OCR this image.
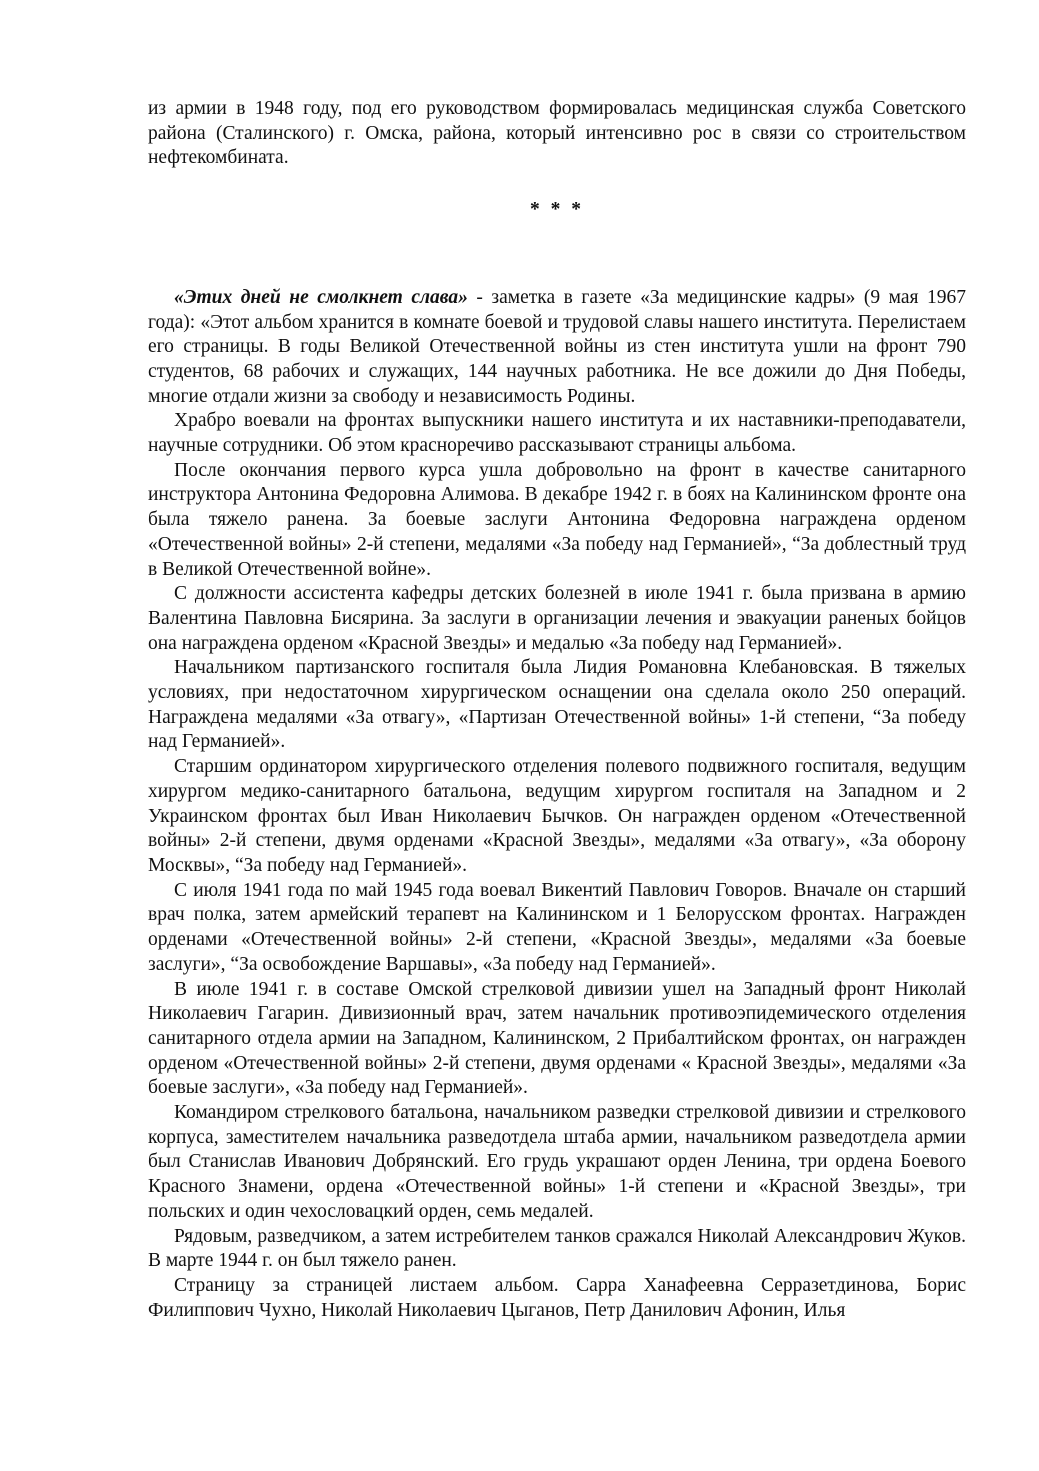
из армии в 1948 году, под его руководством формировалась медицинская служба Советского района (Сталинского) г. Омска, района, который интенсивно рос в связи со строительством нефтекомбината.

* * *

«Этих дней не смолкнет слава» - заметка в газете «За медицинские кадры» (9 мая 1967 года): «Этот альбом хранится в комнате боевой и трудовой славы нашего института. Перелистаем его страницы. В годы Великой Отечественной войны из стен института ушли на фронт 790 студентов, 68 рабочих и служащих, 144 научных работника. Не все дожили до Дня Победы, многие отдали жизни за свободу и независимость Родины.

Храбро воевали на фронтах выпускники нашего института и их наставники-преподаватели, научные сотрудники. Об этом красноречиво рассказывают страницы альбома.

После окончания первого курса ушла добровольно на фронт в качестве санитарного инструктора Антонина Федоровна Алимова. В декабре 1942 г. в боях на Калининском фронте она была тяжело ранена. За боевые заслуги Антонина Федоровна награждена орденом «Отечественной войны» 2-й степени, медалями «За победу над Германией», “За доблестный труд в Великой Отечественной войне».

С должности ассистента кафедры детских болезней в июле 1941 г. была призвана в армию Валентина Павловна Бисярина. За заслуги в организации лечения и эвакуации раненых бойцов она награждена орденом «Красной Звезды» и медалью «За победу над Германией».

Начальником партизанского госпиталя была Лидия Романовна Клебановская. В тяжелых условиях, при недостаточном хирургическом оснащении она сделала около 250 операций. Награждена медалями «За отвагу», «Партизан Отечественной войны» 1-й степени, “За победу над Германией».

Старшим ординатором хирургического отделения полевого подвижного госпиталя, ведущим хирургом медико-санитарного батальона, ведущим хирургом госпиталя на Западном и 2 Украинском фронтах был Иван Николаевич Бычков. Он награжден орденом «Отечественной войны» 2-й степени, двумя орденами «Красной Звезды», медалями «За отвагу», «За оборону Москвы», “За победу над Германией».

С июля 1941 года по май 1945 года воевал Викентий Павлович Говоров. Вначале он старший врач полка, затем армейский терапевт на Калининском и 1 Белорусском фронтах. Награжден орденами «Отечественной войны» 2-й степени, «Красной Звезды», медалями «За боевые заслуги», “За освобождение Варшавы», «За победу над Германией».

В июле 1941 г. в составе Омской стрелковой дивизии ушел на Западный фронт Николай Николаевич Гагарин. Дивизионный врач, затем начальник противоэпидемического отделения санитарного отдела армии на Западном, Калининском, 2 Прибалтийском фронтах, он награжден орденом «Отечественной войны» 2-й степени, двумя орденами « Красной Звезды», медалями «За боевые заслуги», «За победу над Германией».

Командиром стрелкового батальона, начальником разведки стрелковой дивизии и стрелкового корпуса, заместителем начальника разведотдела штаба армии, начальником разведотдела армии был Станислав Иванович Добрянский. Его грудь украшают орден Ленина, три ордена Боевого Красного Знамени, ордена «Отечественной войны» 1-й степени и «Красной Звезды», три польских и один чехословацкий орден, семь медалей.

Рядовым, разведчиком, а затем истребителем танков сражался Николай Александрович Жуков. В марте 1944 г. он был тяжело ранен.

Страницу за страницей листаем альбом. Сарра Ханафеевна Серразетдинова, Борис Филиппович Чухно, Николай Николаевич Цыганов, Петр Данилович Афонин, Илья
